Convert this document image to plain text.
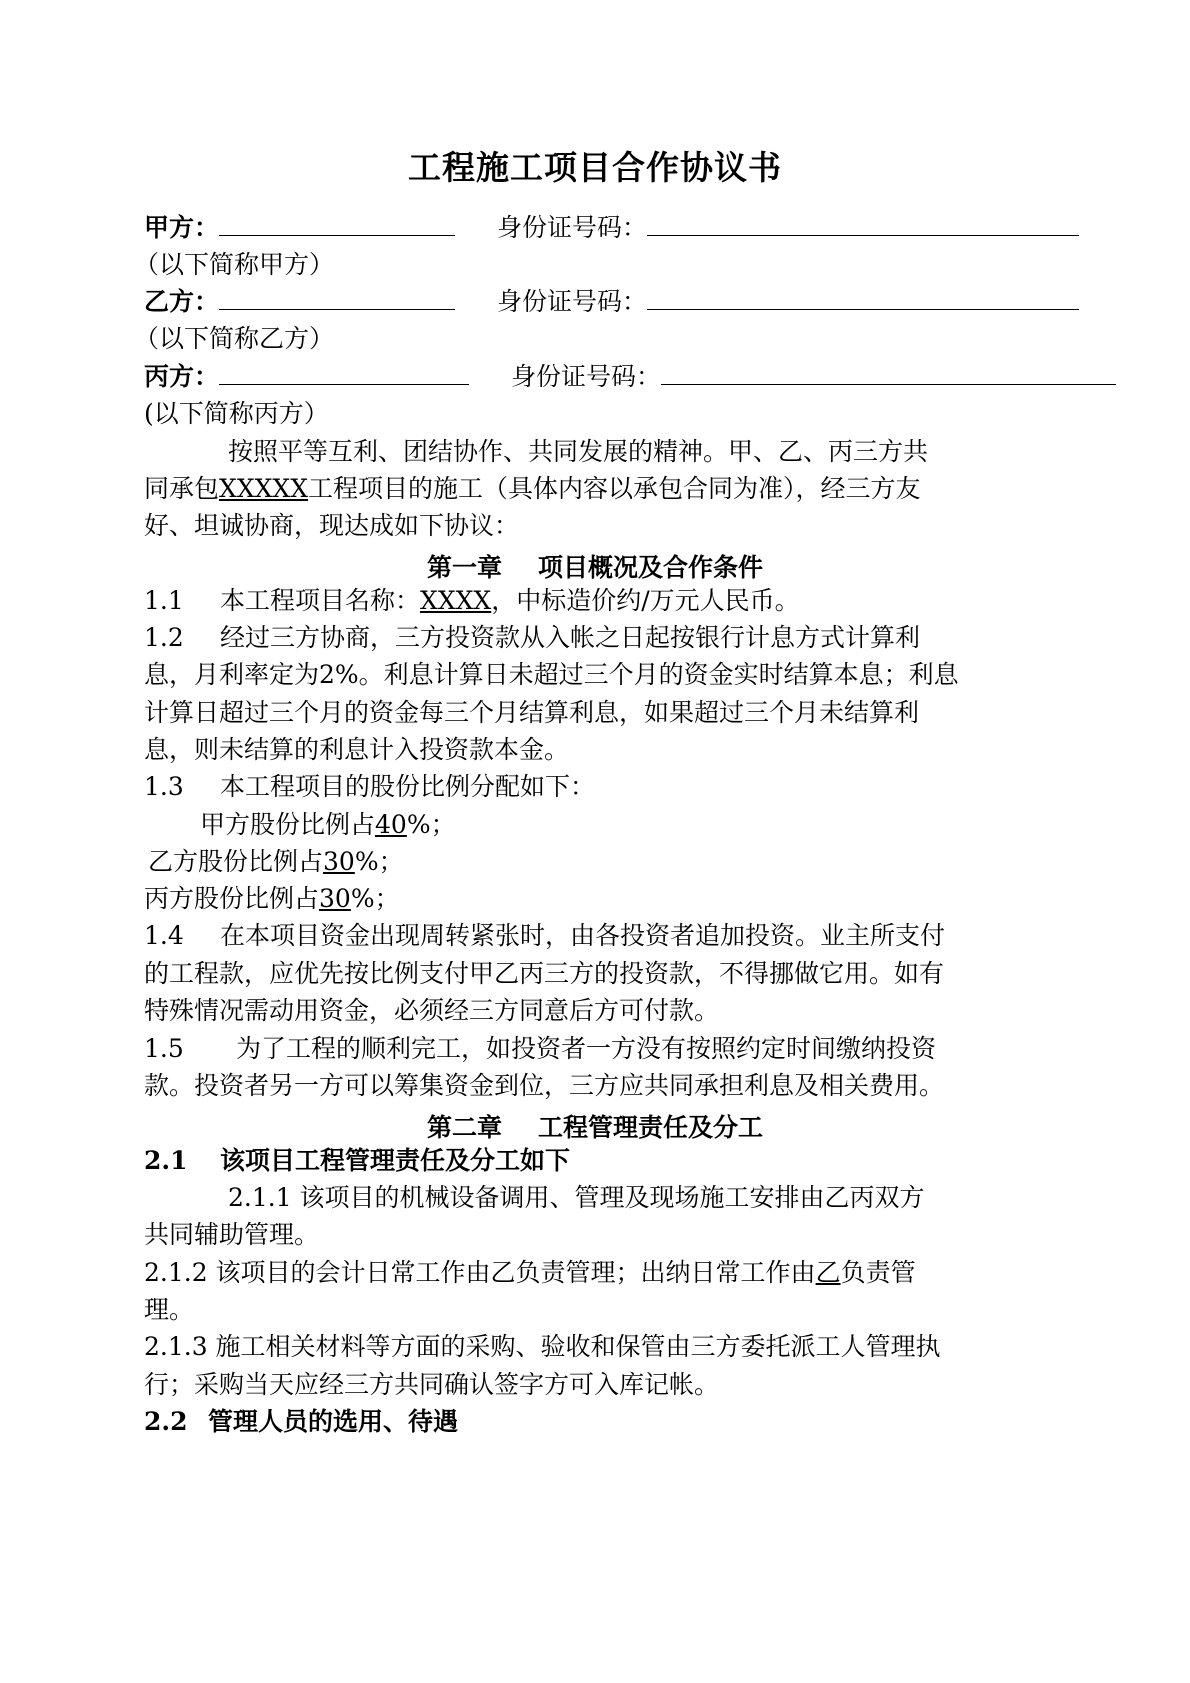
工程施工项目合作协议书
甲方：	身份证号码：
（以下简称甲方）
乙方：	身份证号码：
（以下简称乙方）
丙方：	身份证号码：
(以下简称丙方）
按照平等互利、团结协作、共同发展的精神。甲、乙、丙三方共
同承包XXXXX工程项目的施工（具体内容以承包合同为准），经三方友
好、坦诚协商，现达成如下协议：
第一章 项目概况及合作条件
1.1 本工程项目名称：XXXX，中标造价约/万元人民币。
1.2 经过三方协商，三方投资款从入帐之日起按银行计息方式计算利
息，月利率定为2%。利息计算日未超过三个月的资金实时结算本息；利息
计算日超过三个月的资金每三个月结算利息，如果超过三个月未结算利
息，则未结算的利息计入投资款本金。
1.3 本工程项目的股份比例分配如下：
甲方股份比例占40%；
乙方股份比例占30%；
丙方股份比例占30%；
1.4 在本项目资金出现周转紧张时，由各投资者追加投资。业主所支付
的工程款，应优先按比例支付甲乙丙三方的投资款，不得挪做它用。如有
特殊情况需动用资金，必须经三方同意后方可付款。
1.5 为了工程的顺利完工，如投资者一方没有按照约定时间缴纳投资
款。投资者另一方可以筹集资金到位，三方应共同承担利息及相关费用。
第二章 工程管理责任及分工
2.1 该项目工程管理责任及分工如下
2.1.1 该项目的机械设备调用、管理及现场施工安排由乙丙双方
共同辅助管理。
2.1.2 该项目的会计日常工作由乙负责管理；出纳日常工作由乙负责管
理。
2.1.3 施工相关材料等方面的采购、验收和保管由三方委托派工人管理执
行；采购当天应经三方共同确认签字方可入库记帐。
2.2 管理人员的选用、待遇
